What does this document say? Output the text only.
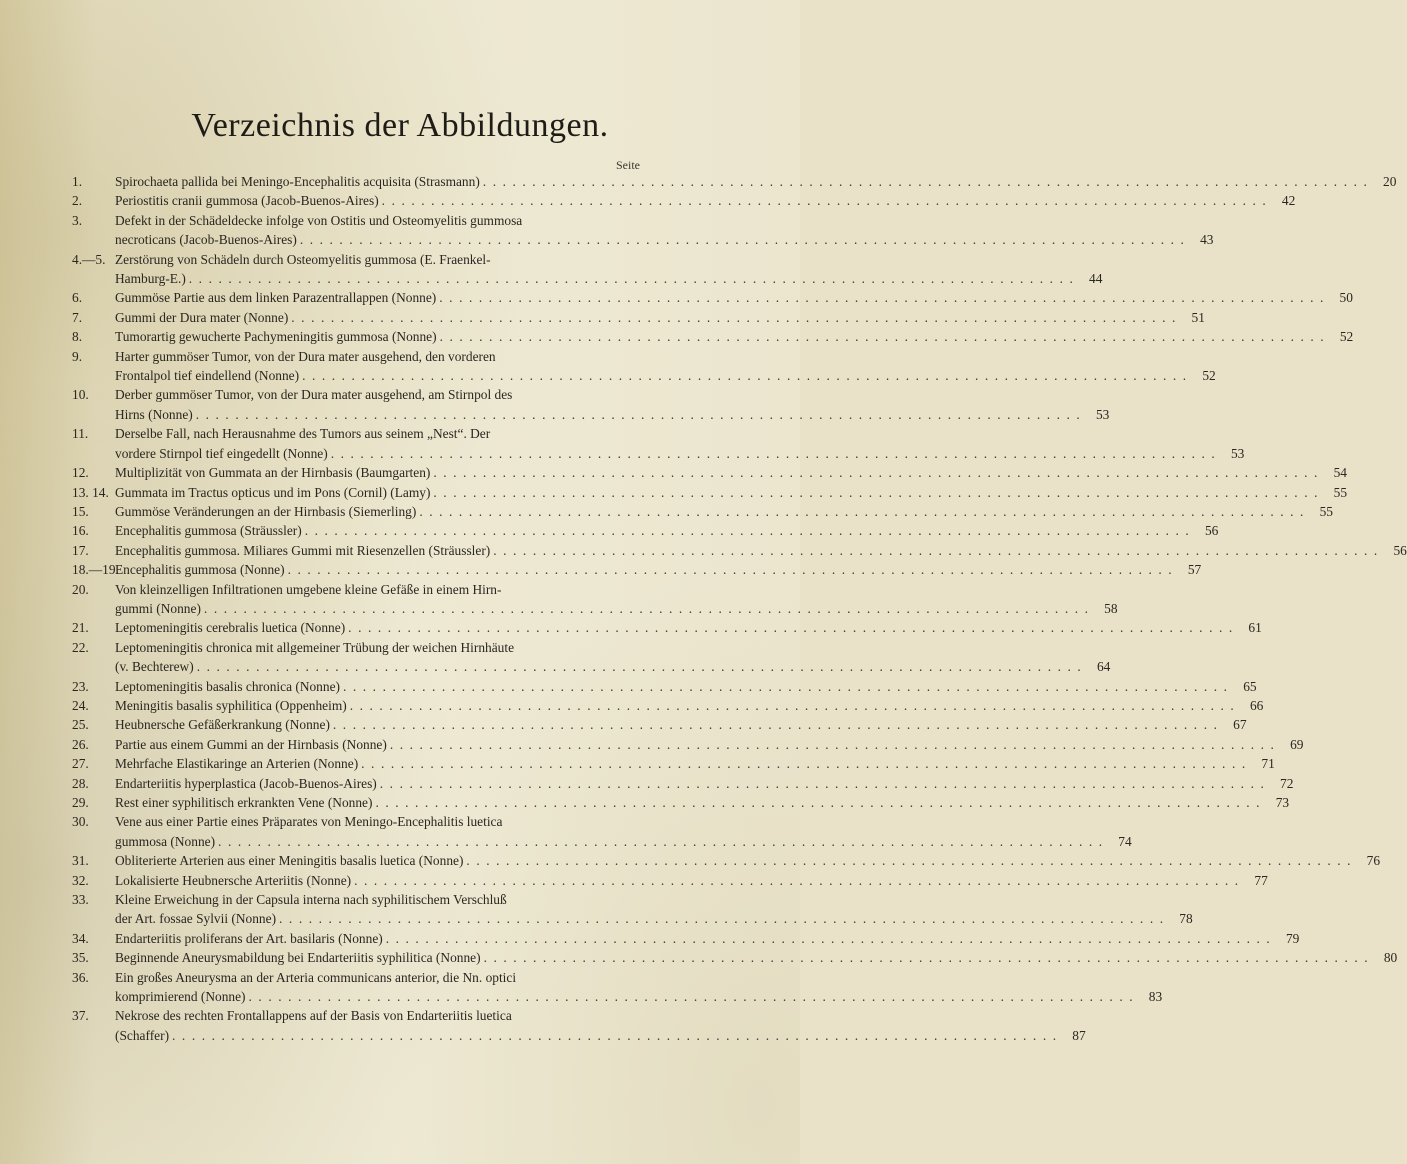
Verzeichnis der Abbildungen.
Seite
1.	Spirochaeta pallida bei Meningo-Encephalitis acquisita (Strasmann) . . .	20
2.	Periostitis cranii gummosa (Jacob-Buenos-Aires) . . .	42
3.	Defekt in der Schädeldecke infolge von Ostitis und Osteomyelitis gummosa
necroticans (Jacob-Buenos-Aires) . . .	43
4.—5. Zerstörung von Schädeln durch Osteomyelitis gummosa (E. Fraenkel-
Hamburg-E.) . . .	44
6.	Gummöse Partie aus dem linken Parazentrallappen (Nonne) . . .	50
7.	Gummi der Dura mater (Nonne) . . .	51
8.	Tumorartig gewucherte Pachymeningitis gummosa (Nonne) . . .	52
9.	Harter gummöser Tumor, von der Dura mater ausgehend, den vorderen
Frontalpol tief eindellend (Nonne) . . .	52
10.	Derber gummöser Tumor, von der Dura mater ausgehend, am Stirnpol des
Hirns (Nonne) . . .	53
11.	Derselbe Fall, nach Herausnahme des Tumors aus seinem „Nest“. Der
vordere Stirnpol tief eingedellt (Nonne) . . .	53
12.	Multiplizität von Gummata an der Hirnbasis (Baumgarten) . . .	54
13. 14. Gummata im Tractus opticus und im Pons (Cornil) (Lamy) . . .	55
15.	Gummöse Veränderungen an der Hirnbasis (Siemerling) . . .	55
16.	Encephalitis gummosa (Sträussler) . . .	56
17.	Encephalitis gummosa. Miliares Gummi mit Riesenzellen (Sträussler) . . .	56
18.—19.
Encephalitis gummosa (Nonne) . . .	57
20.	Von kleinzelligen Infiltrationen umgebene kleine Gefäße in einem Hirn-
gummi (Nonne) . . .	58
21.	Leptomeningitis cerebralis luetica (Nonne) . . .	61
22.	Leptomeningitis chronica mit allgemeiner Trübung der weichen Hirnhäute
(v. Bechterew) . . .	64
23.	Leptomeningitis basalis chronica (Nonne) . . .	65
24.	Meningitis basalis syphilitica (Oppenheim) . . .	66
25.	Heubnersche Gefäßerkrankung (Nonne) . . .	67
26.	Partie aus einem Gummi an der Hirnbasis (Nonne) . . .	69
27.	Mehrfache Elastikaringe an Arterien (Nonne) . . .	71
28.	Endarteriitis hyperplastica (Jacob-Buenos-Aires) . . .	72
29.	Rest einer syphilitisch erkrankten Vene (Nonne) . . .	73
30.	Vene aus einer Partie eines Präparates von Meningo-Encephalitis luetica
gummosa (Nonne) . . .	74
31.	Obliterierte Arterien aus einer Meningitis basalis luetica (Nonne) . . .	76
32.	Lokalisierte Heubnersche Arteriitis (Nonne) . . .	77
33.	Kleine Erweichung in der Capsula interna nach syphilitischem Verschluß
der Art. fossae Sylvii (Nonne) . . .	78
34.	Endarteriitis proliferans der Art. basilaris (Nonne) . . .	79
35.	Beginnende Aneurysmabildung bei Endarteriitis syphilitica (Nonne) . . .	80
36.	Ein großes Aneurysma an der Arteria communicans anterior, die Nn. optici
komprimierend (Nonne) . . .	83
37.	Nekrose des rechten Frontallappens auf der Basis von Endarteriitis luetica
(Schaffer) . . .	87
